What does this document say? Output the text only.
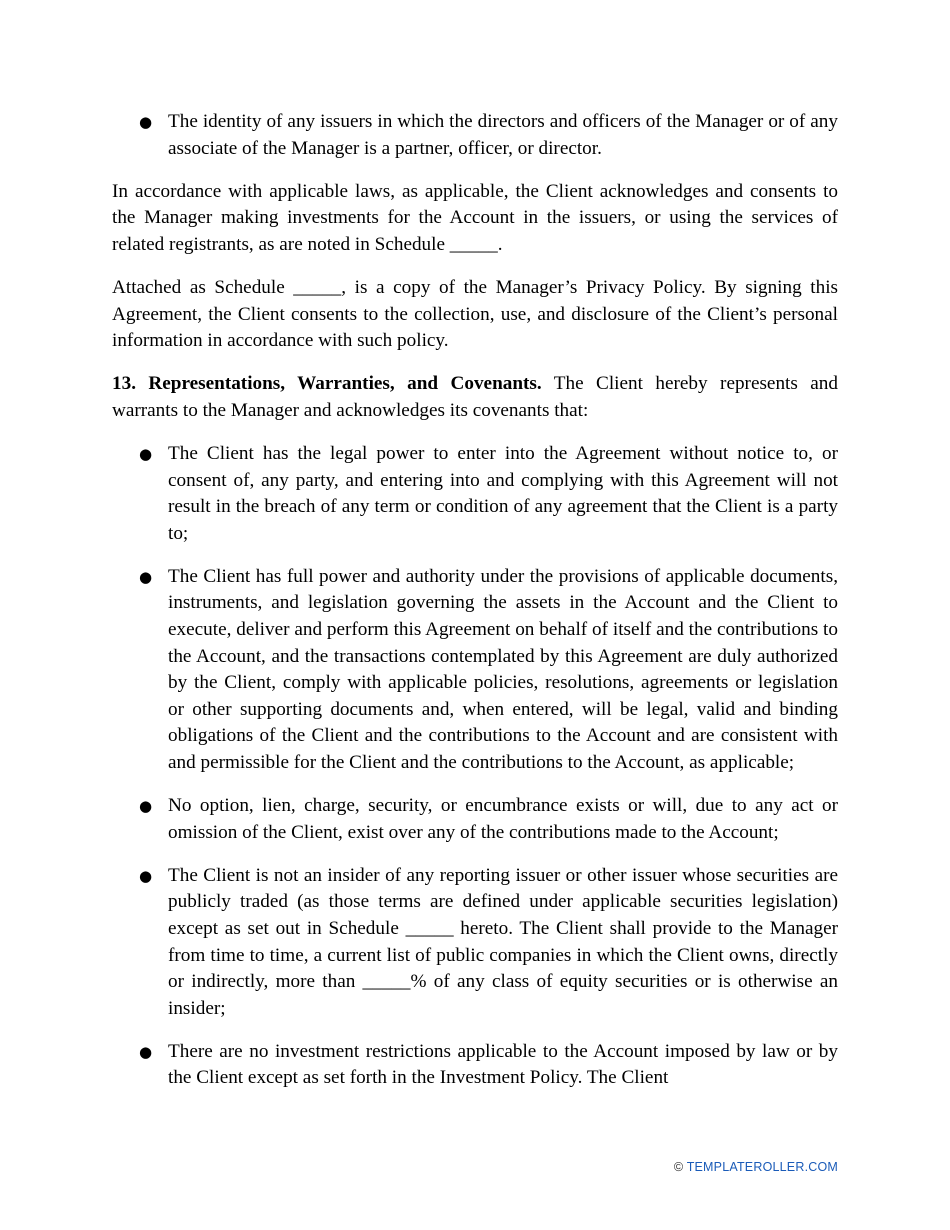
● The identity of any issuers in which the directors and officers of the Manager or of any associate of the Manager is a partner, officer, or director.

In accordance with applicable laws, as applicable, the Client acknowledges and consents to the Manager making investments for the Account in the issuers, or using the services of related registrants, as are noted in Schedule _____.

Attached as Schedule _____, is a copy of the Manager’s Privacy Policy. By signing this Agreement, the Client consents to the collection, use, and disclosure of the Client’s personal information in accordance with such policy.

13. Representations, Warranties, and Covenants. The Client hereby represents and warrants to the Manager and acknowledges its covenants that:

● The Client has the legal power to enter into the Agreement without notice to, or consent of, any party, and entering into and complying with this Agreement will not result in the breach of any term or condition of any agreement that the Client is a party to;
● The Client has full power and authority under the provisions of applicable documents, instruments, and legislation governing the assets in the Account and the Client to execute, deliver and perform this Agreement on behalf of itself and the contributions to the Account, and the transactions contemplated by this Agreement are duly authorized by the Client, comply with applicable policies, resolutions, agreements or legislation or other supporting documents and, when entered, will be legal, valid and binding obligations of the Client and the contributions to the Account and are consistent with and permissible for the Client and the contributions to the Account, as applicable;
● No option, lien, charge, security, or encumbrance exists or will, due to any act or omission of the Client, exist over any of the contributions made to the Account;
● The Client is not an insider of any reporting issuer or other issuer whose securities are publicly traded (as those terms are defined under applicable securities legislation) except as set out in Schedule _____ hereto. The Client shall provide to the Manager from time to time, a current list of public companies in which the Client owns, directly or indirectly, more than _____% of any class of equity securities or is otherwise an insider;
● There are no investment restrictions applicable to the Account imposed by law or by the Client except as set forth in the Investment Policy. The Client
© TEMPLATEROLLER.COM
